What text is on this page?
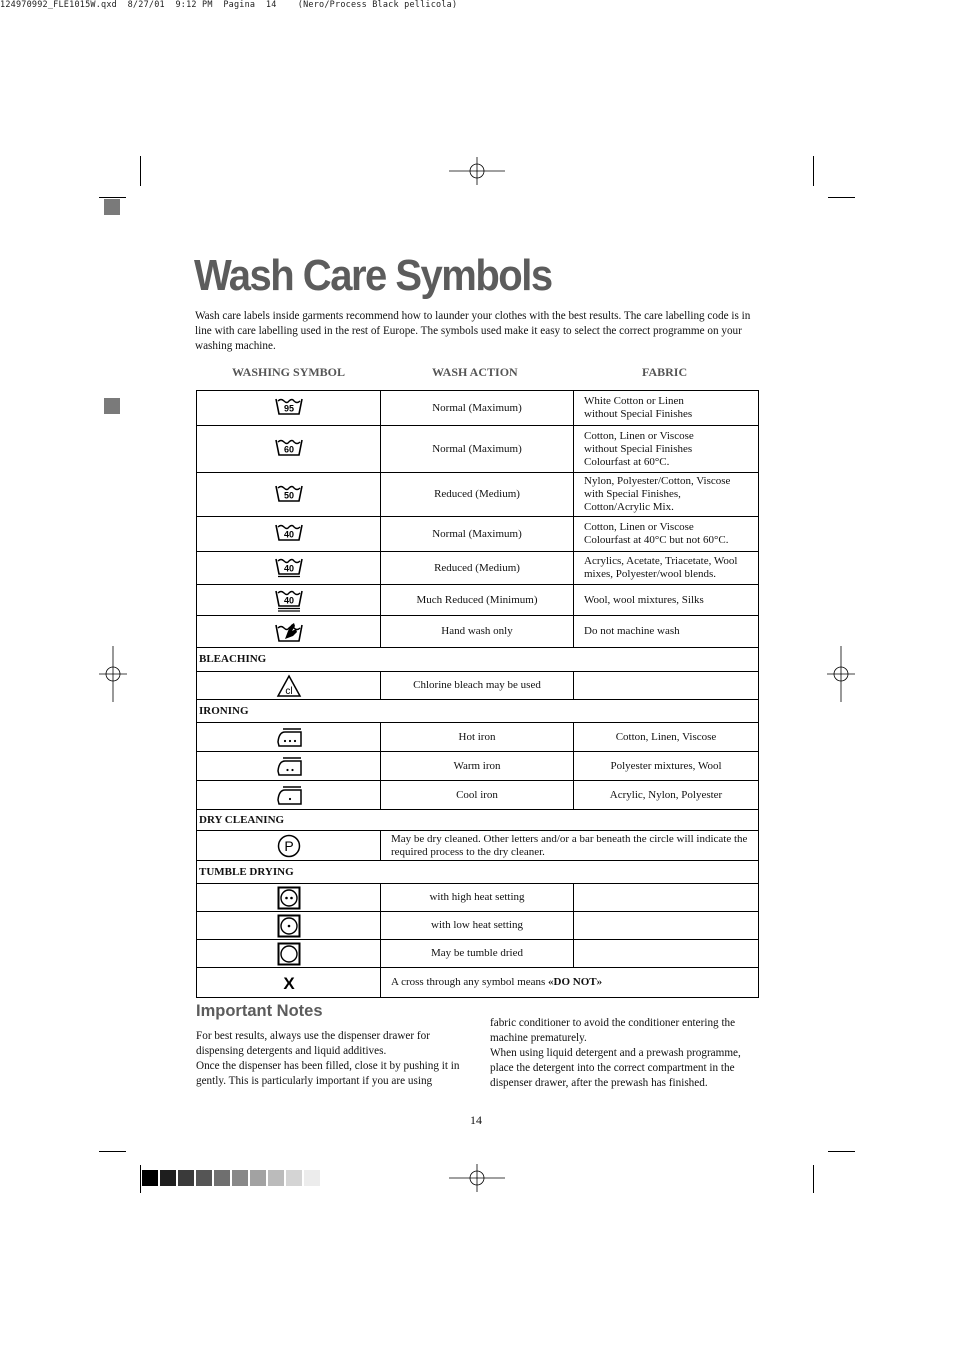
124970992_FLE1015W.qxd  8/27/01  9:12 PM  Pagina  14    (Nero/Process Black pellicola)
Wash Care Symbols
Wash care labels inside garments recommend how to launder your clothes with the best results. The care labelling code is in line with care labelling used in the rest of Europe. The symbols used make it easy to select the correct programme on your washing machine.
WASHING SYMBOL	WASH ACTION	FABRIC
95	Normal (Maximum)	White Cotton or Linen
without Special Finishes

60	Normal (Maximum)	Cotton, Linen or Viscose
without Special Finishes
Colourfast at 60°C.

50	Reduced (Medium)	Nylon, Polyester/Cotton, Viscose
with Special Finishes,
Cotton/Acrylic Mix.

40	Normal (Maximum)	Cotton, Linen or Viscose
Colourfast at 40°C but not 60°C.

40	Reduced (Medium)	Acrylics, Acetate, Triacetate, Wool
mixes, Polyester/wool blends.

40	Much Reduced (Minimum)	Wool, wool mixtures, Silks

	Hand wash only	Do not machine wash
BLEACHING		

cl	Chlorine bleach may be used	
IRONING		

	Hot iron	Cotton, Linen, Viscose

	Warm iron	Polyester mixtures, Wool

	Cool iron	Acrylic, Nylon, Polyester
DRY CLEANING		

P	May be dry cleaned. Other letters and/or a bar beneath the circle will indicate the required process to the dry cleaner.	
TUMBLE DRYING		

	with high heat setting	

	with low heat setting	

	May be tumble dried	

X	A cross through any symbol means «DO NOT»	
Important Notes
For best results, always use the dispenser drawer for dispensing detergents and liquid additives.
Once the dispenser has been filled, close it by pushing it in gently. This is particularly important if you are using
fabric conditioner to avoid the conditioner entering the machine prematurely.
When using liquid detergent and a prewash programme, place the detergent into the correct compartment in the dispenser drawer, after the prewash has finished.
14
